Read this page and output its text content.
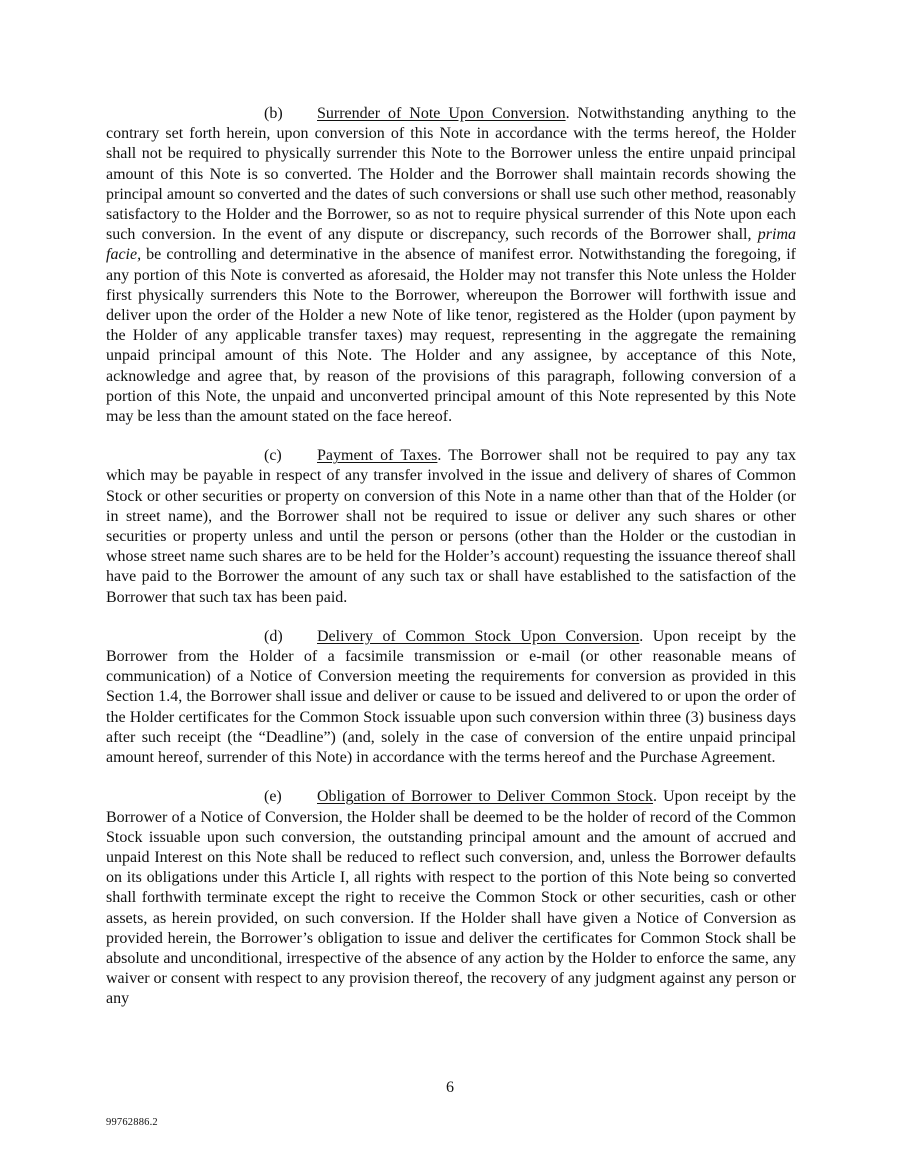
(b) Surrender of Note Upon Conversion. Notwithstanding anything to the contrary set forth herein, upon conversion of this Note in accordance with the terms hereof, the Holder shall not be required to physically surrender this Note to the Borrower unless the entire unpaid principal amount of this Note is so converted. The Holder and the Borrower shall maintain records showing the principal amount so converted and the dates of such conversions or shall use such other method, reasonably satisfactory to the Holder and the Borrower, so as not to require physical surrender of this Note upon each such conversion. In the event of any dispute or discrepancy, such records of the Borrower shall, prima facie, be controlling and determinative in the absence of manifest error. Notwithstanding the foregoing, if any portion of this Note is converted as aforesaid, the Holder may not transfer this Note unless the Holder first physically surrenders this Note to the Borrower, whereupon the Borrower will forthwith issue and deliver upon the order of the Holder a new Note of like tenor, registered as the Holder (upon payment by the Holder of any applicable transfer taxes) may request, representing in the aggregate the remaining unpaid principal amount of this Note. The Holder and any assignee, by acceptance of this Note, acknowledge and agree that, by reason of the provisions of this paragraph, following conversion of a portion of this Note, the unpaid and unconverted principal amount of this Note represented by this Note may be less than the amount stated on the face hereof.

(c) Payment of Taxes. The Borrower shall not be required to pay any tax which may be payable in respect of any transfer involved in the issue and delivery of shares of Common Stock or other securities or property on conversion of this Note in a name other than that of the Holder (or in street name), and the Borrower shall not be required to issue or deliver any such shares or other securities or property unless and until the person or persons (other than the Holder or the custodian in whose street name such shares are to be held for the Holder’s account) requesting the issuance thereof shall have paid to the Borrower the amount of any such tax or shall have established to the satisfaction of the Borrower that such tax has been paid.

(d) Delivery of Common Stock Upon Conversion. Upon receipt by the Borrower from the Holder of a facsimile transmission or e-mail (or other reasonable means of communication) of a Notice of Conversion meeting the requirements for conversion as provided in this Section 1.4, the Borrower shall issue and deliver or cause to be issued and delivered to or upon the order of the Holder certificates for the Common Stock issuable upon such conversion within three (3) business days after such receipt (the “Deadline”) (and, solely in the case of conversion of the entire unpaid principal amount hereof, surrender of this Note) in accordance with the terms hereof and the Purchase Agreement.

(e) Obligation of Borrower to Deliver Common Stock. Upon receipt by the Borrower of a Notice of Conversion, the Holder shall be deemed to be the holder of record of the Common Stock issuable upon such conversion, the outstanding principal amount and the amount of accrued and unpaid Interest on this Note shall be reduced to reflect such conversion, and, unless the Borrower defaults on its obligations under this Article I, all rights with respect to the portion of this Note being so converted shall forthwith terminate except the right to receive the Common Stock or other securities, cash or other assets, as herein provided, on such conversion. If the Holder shall have given a Notice of Conversion as provided herein, the Borrower’s obligation to issue and deliver the certificates for Common Stock shall be absolute and unconditional, irrespective of the absence of any action by the Holder to enforce the same, any waiver or consent with respect to any provision thereof, the recovery of any judgment against any person or any

6
99762886.2
